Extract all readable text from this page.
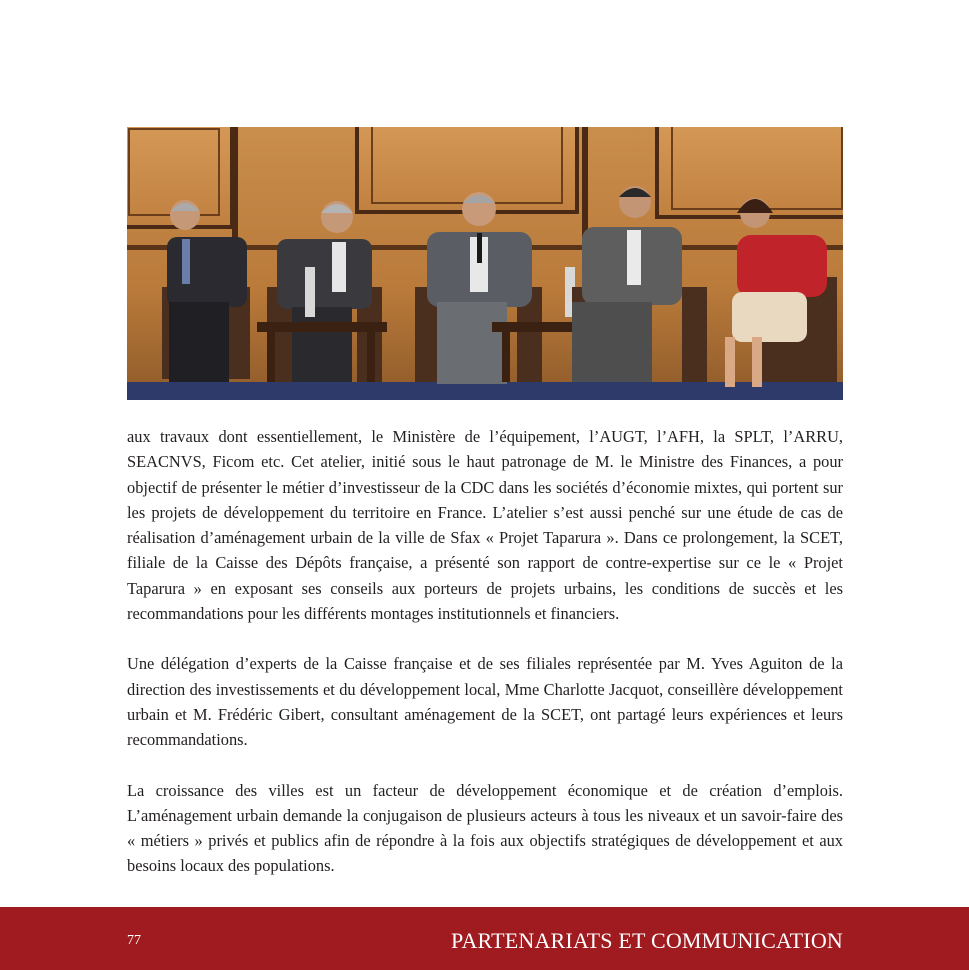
aux travaux dont essentiellement, le Ministère de l’équipement, l’AUGT, l’AFH, la SPLT, l’ARRU, SEACNVS, Ficom etc. Cet atelier, initié sous le haut patronage de M. le Ministre des Finances, a pour objectif de présenter le métier d’investisseur de la CDC dans les sociétés d’économie mixtes, qui portent sur les projets de développement du territoire en France. L’atelier s’est aussi penché sur une étude de cas de réalisation d’aménagement urbain de la ville de Sfax « Projet Taparura ». Dans ce prolongement, la SCET, filiale de la Caisse des Dépôts française, a présenté son rapport de contre-expertise sur ce le « Projet Taparura » en exposant ses conseils aux porteurs de projets urbains, les conditions de succès et les recommandations pour les différents montages institutionnels et financiers.

Une délégation d’experts de la Caisse française et de ses filiales représentée par M. Yves Aguiton de la direction des investissements et du développement local, Mme Charlotte Jacquot, conseillère développement urbain et M. Frédéric Gibert, consultant aménagement de la SCET, ont partagé leurs expériences et leurs recommandations.

La croissance des villes est un facteur de développement économique et de création d’emplois. L’aménagement urbain demande la conjugaison de plusieurs acteurs à tous les niveaux et un savoir-faire des « métiers » privés et publics afin de répondre à la fois aux objectifs stratégiques de développement et aux besoins locaux des populations.

77	PARTENARIATS ET COMMUNICATION
